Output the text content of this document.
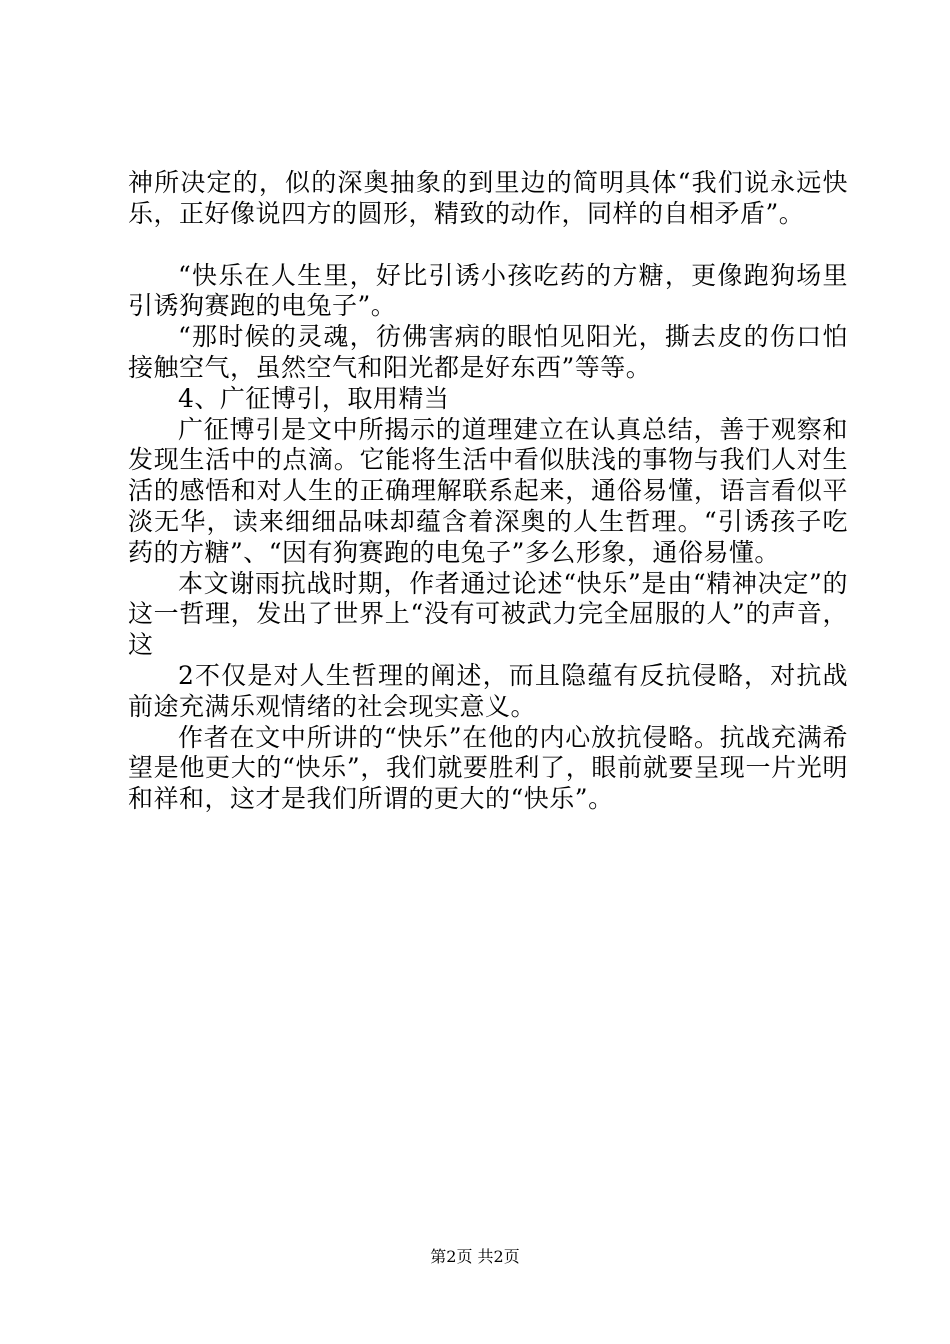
神所决定的，似的深奥抽象的到里边的简明具体“我们说永远快乐，正好像说四方的圆形，精致的动作，同样的自相矛盾”。

“快乐在人生里，好比引诱小孩吃药的方糖，更像跑狗场里引诱狗赛跑的电兔子”。

“那时候的灵魂，彷佛害病的眼怕见阳光，撕去皮的伤口怕接触空气，虽然空气和阳光都是好东西”等等。

4、广征博引，取用精当

广征博引是文中所揭示的道理建立在认真总结，善于观察和发现生活中的点滴。它能将生活中看似肤浅的事物与我们人对生活的感悟和对人生的正确理解联系起来，通俗易懂，语言看似平淡无华，读来细细品味却蕴含着深奥的人生哲理。“引诱孩子吃药的方糖”、“因有狗赛跑的电兔子”多么形象，通俗易懂。

本文谢雨抗战时期，作者通过论述“快乐”是由“精神决定”的这一哲理，发出了世界上“没有可被武力完全屈服的人”的声音，这

2不仅是对人生哲理的阐述，而且隐蕴有反抗侵略，对抗战前途充满乐观情绪的社会现实意义。

作者在文中所讲的“快乐”在他的内心放抗侵略。抗战充满希望是他更大的“快乐”，我们就要胜利了，眼前就要呈现一片光明和祥和，这才是我们所谓的更大的“快乐”。

第2页 共2页
